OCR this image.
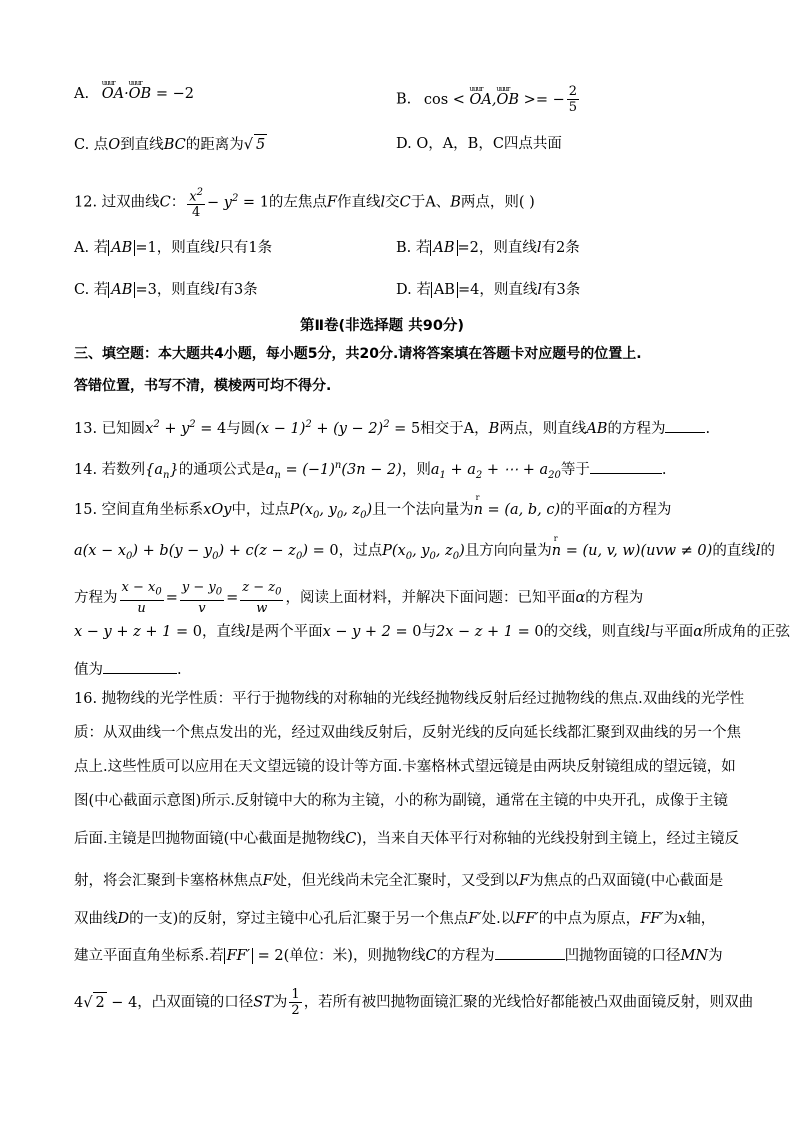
A. uuur OA·uuur OB = −2	B. cos < uuur OA,uuur OB >= − $\frac{2}{5}$
C. 点O到直线BC的距离为√ 5	D. O，A，B，C四点共面
12. 过双曲线C： $\frac{x^2}{4} - y^2 = 1$的左焦点F作直线l交C于A、B两点，则( )
A. 若 AB =1，则直线l只有1条	B. 若 AB =2，则直线l有2条
C. 若 AB =3，则直线l有3条	D. 若 AB =4，则直线l有3条
第Ⅱ卷(非选择题 共90分)
三、填空题：本大题共4小题，每小题5分，共20分.请将答案填在答题卡对应题号的位置上.
答错位置，书写不清，模棱两可均不得分.
13. 已知圆$x^2 + y^2 = 4$与圆$(x - 1)^2 + (y - 2)^2 = 5$相交于A，B两点，则直线AB的方程为	.
14. 若数列$\{a_n\}$的通项公式是$a_n = (-1)^n(3n - 2)$，则$a_1 + a_2$ + ⋯ + $a_{20}$等于	.
15. 空间直角坐标系xOy中，过点$P(x_0$, $y_0$, $z_0$)且一个法向量为r n = (a, b, c)的平面α的方程为
$a(x - x_0) + b(y - y_0) + c(z - z_0) = 0$，过点$P(x_0$, $y_0$, $z_0$)且方向向量为r n = (u, v, w)(uvw ≠ 0)的直线l的
方程为 $\frac{x - x_0}{u} = \frac{y - y_0}{v} = \frac{z - z_0}{w}$ ，阅读上面材料，并解决下面问题：已知平面α的方程为
x − y + z + 1 = 0，直线l是两个平面x − y + 2 = 0与2x − z + 1 = 0的交线，则直线l与平面α所成角的正弦
值为	.
16. 抛物线的光学性质：平行于抛物线的对称轴的光线经抛物线反射后经过抛物线的焦点.双曲线的光学性
质：从双曲线一个焦点发出的光，经过双曲线反射后，反射光线的反向延长线都汇聚到双曲线的另一个焦
点上.这些性质可以应用在天文望远镜的设计等方面.卡塞格林式望远镜是由两块反射镜组成的望远镜，如
图(中心截面示意图)所示.反射镜中大的称为主镜，小的称为副镜，通常在主镜的中央开孔，成像于主镜
后面.主镜是凹抛物面镜(中心截面是抛物线C)，当来自天体平行对称轴的光线投射到主镜上，经过主镜反
射，将会汇聚到卡塞格林焦点F处，但光线尚未完全汇聚时，又受到以F为焦点的凸双面镜(中心截面是
双曲线D的一支)的反射，穿过主镜中心孔后汇聚于另一个焦点F′处.以FF′的中点为原点，FF′为x轴，
建立平面直角坐标系.若 FF′ = 2(单位：米)，则抛物线C的方程为	凹抛物面镜的口径MN为
4√ 2 − 4，凸双面镜的口径ST为 $\frac{1}{2}$ ，若所有被凹抛物面镜汇聚的光线恰好都能被凸双曲面镜反射，则双曲
